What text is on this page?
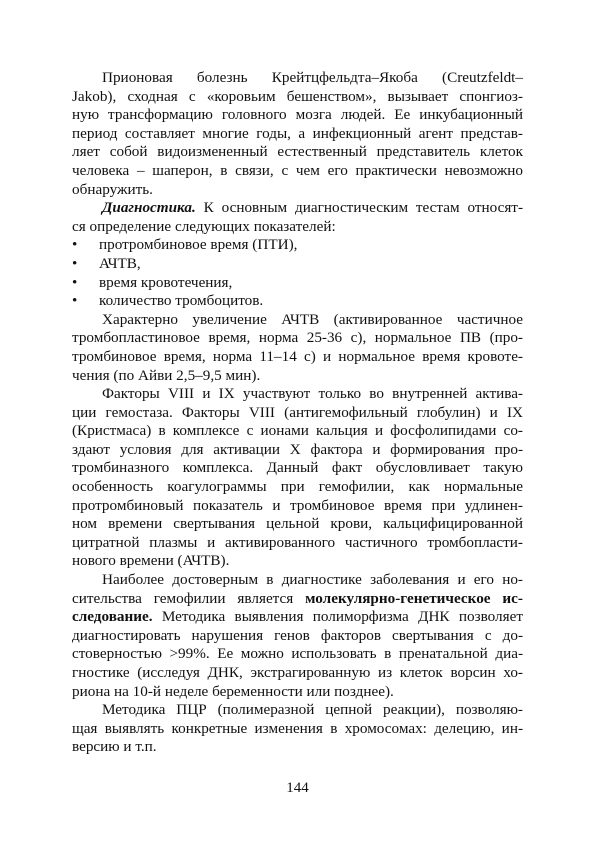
Прионовая болезнь Крейтцфельдта–Якоба (Creutzfeldt–
Jakob), сходная с «коровьим бешенством», вызывает спонгиоз-
ную трансформацию головного мозга людей. Ее инкубационный
период составляет многие годы, а инфекционный агент представ-
ляет собой видоизмененный естественный представитель клеток
человека – шаперон, в связи, с чем его практически невозможно
обнаружить.
Диагностика. К основным диагностическим тестам относят-
ся определение следующих показателей:
• протромбиновое время (ПТИ),
• АЧТВ,
• время кровотечения,
• количество тромбоцитов.
Характерно увеличение АЧТВ (активированное частичное
тромбопластиновое время, норма 25-36 с), нормальное ПВ (про-
тромбиновое время, норма 11–14 с) и нормальное время кровоте-
чения (по Айви 2,5–9,5 мин).
Факторы VIII и IX участвуют только во внутренней актива-
ции гемостаза. Факторы VIII (антигемофильный глобулин) и IX
(Кристмаса) в комплексе с ионами кальция и фосфолипидами со-
здают условия для активации X фактора и формирования про-
тромбиназного комплекса. Данный факт обусловливает такую
особенность коагулограммы при гемофилии, как нормальные
протромбиновый показатель и тромбиновое время при удлинен-
ном времени свертывания цельной крови, кальцифицированной
цитратной плазмы и активированного частичного тромбопласти-
нового времени (АЧТВ).
Наиболее достоверным в диагностике заболевания и его но-
сительства гемофилии является молекулярно-генетическое ис-
следование. Методика выявления полиморфизма ДНК позволяет
диагностировать нарушения генов факторов свертывания с до-
стоверностью >99%. Ее можно использовать в пренатальной диа-
гностике (исследуя ДНК, экстрагированную из клеток ворсин хо-
риона на 10-й неделе беременности или позднее).
Методика ПЦР (полимеразной цепной реакции), позволяю-
щая выявлять конкретные изменения в хромосомах: делецию, ин-
версию и т.п.
144
